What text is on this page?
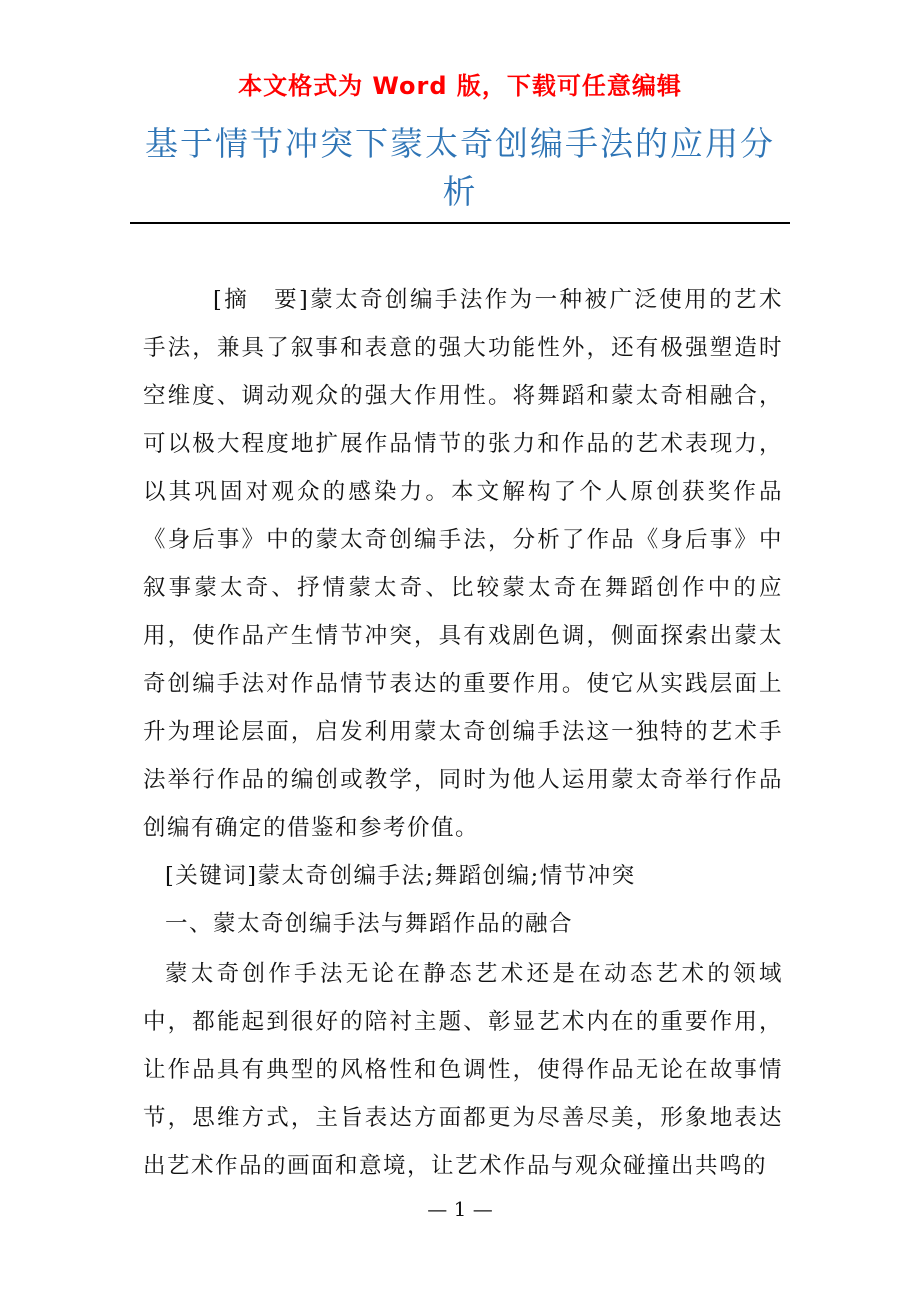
本文格式为 Word 版，下载可任意编辑
基于情节冲突下蒙太奇创编手法的应用分析

[摘　要]蒙太奇创编手法作为一种被广泛使用的艺术手法，兼具了叙事和表意的强大功能性外，还有极强塑造时空维度、调动观众的强大作用性。将舞蹈和蒙太奇相融合，可以极大程度地扩展作品情节的张力和作品的艺术表现力，以其巩固对观众的感染力。本文解构了个人原创获奖作品《身后事》中的蒙太奇创编手法，分析了作品《身后事》中叙事蒙太奇、抒情蒙太奇、比较蒙太奇在舞蹈创作中的应用，使作品产生情节冲突，具有戏剧色调，侧面探索出蒙太奇创编手法对作品情节表达的重要作用。使它从实践层面上升为理论层面，启发利用蒙太奇创编手法这一独特的艺术手法举行作品的编创或教学，同时为他人运用蒙太奇举行作品创编有确定的借鉴和参考价值。

[关键词]蒙太奇创编手法;舞蹈创编;情节冲突

一、蒙太奇创编手法与舞蹈作品的融合

蒙太奇创作手法无论在静态艺术还是在动态艺术的领域中，都能起到很好的陪衬主题、彰显艺术内在的重要作用，让作品具有典型的风格性和色调性，使得作品无论在故事情节，思维方式，主旨表达方面都更为尽善尽美，形象地表达出艺术作品的画面和意境，让艺术作品与观众碰撞出共鸣的

— 1 —
